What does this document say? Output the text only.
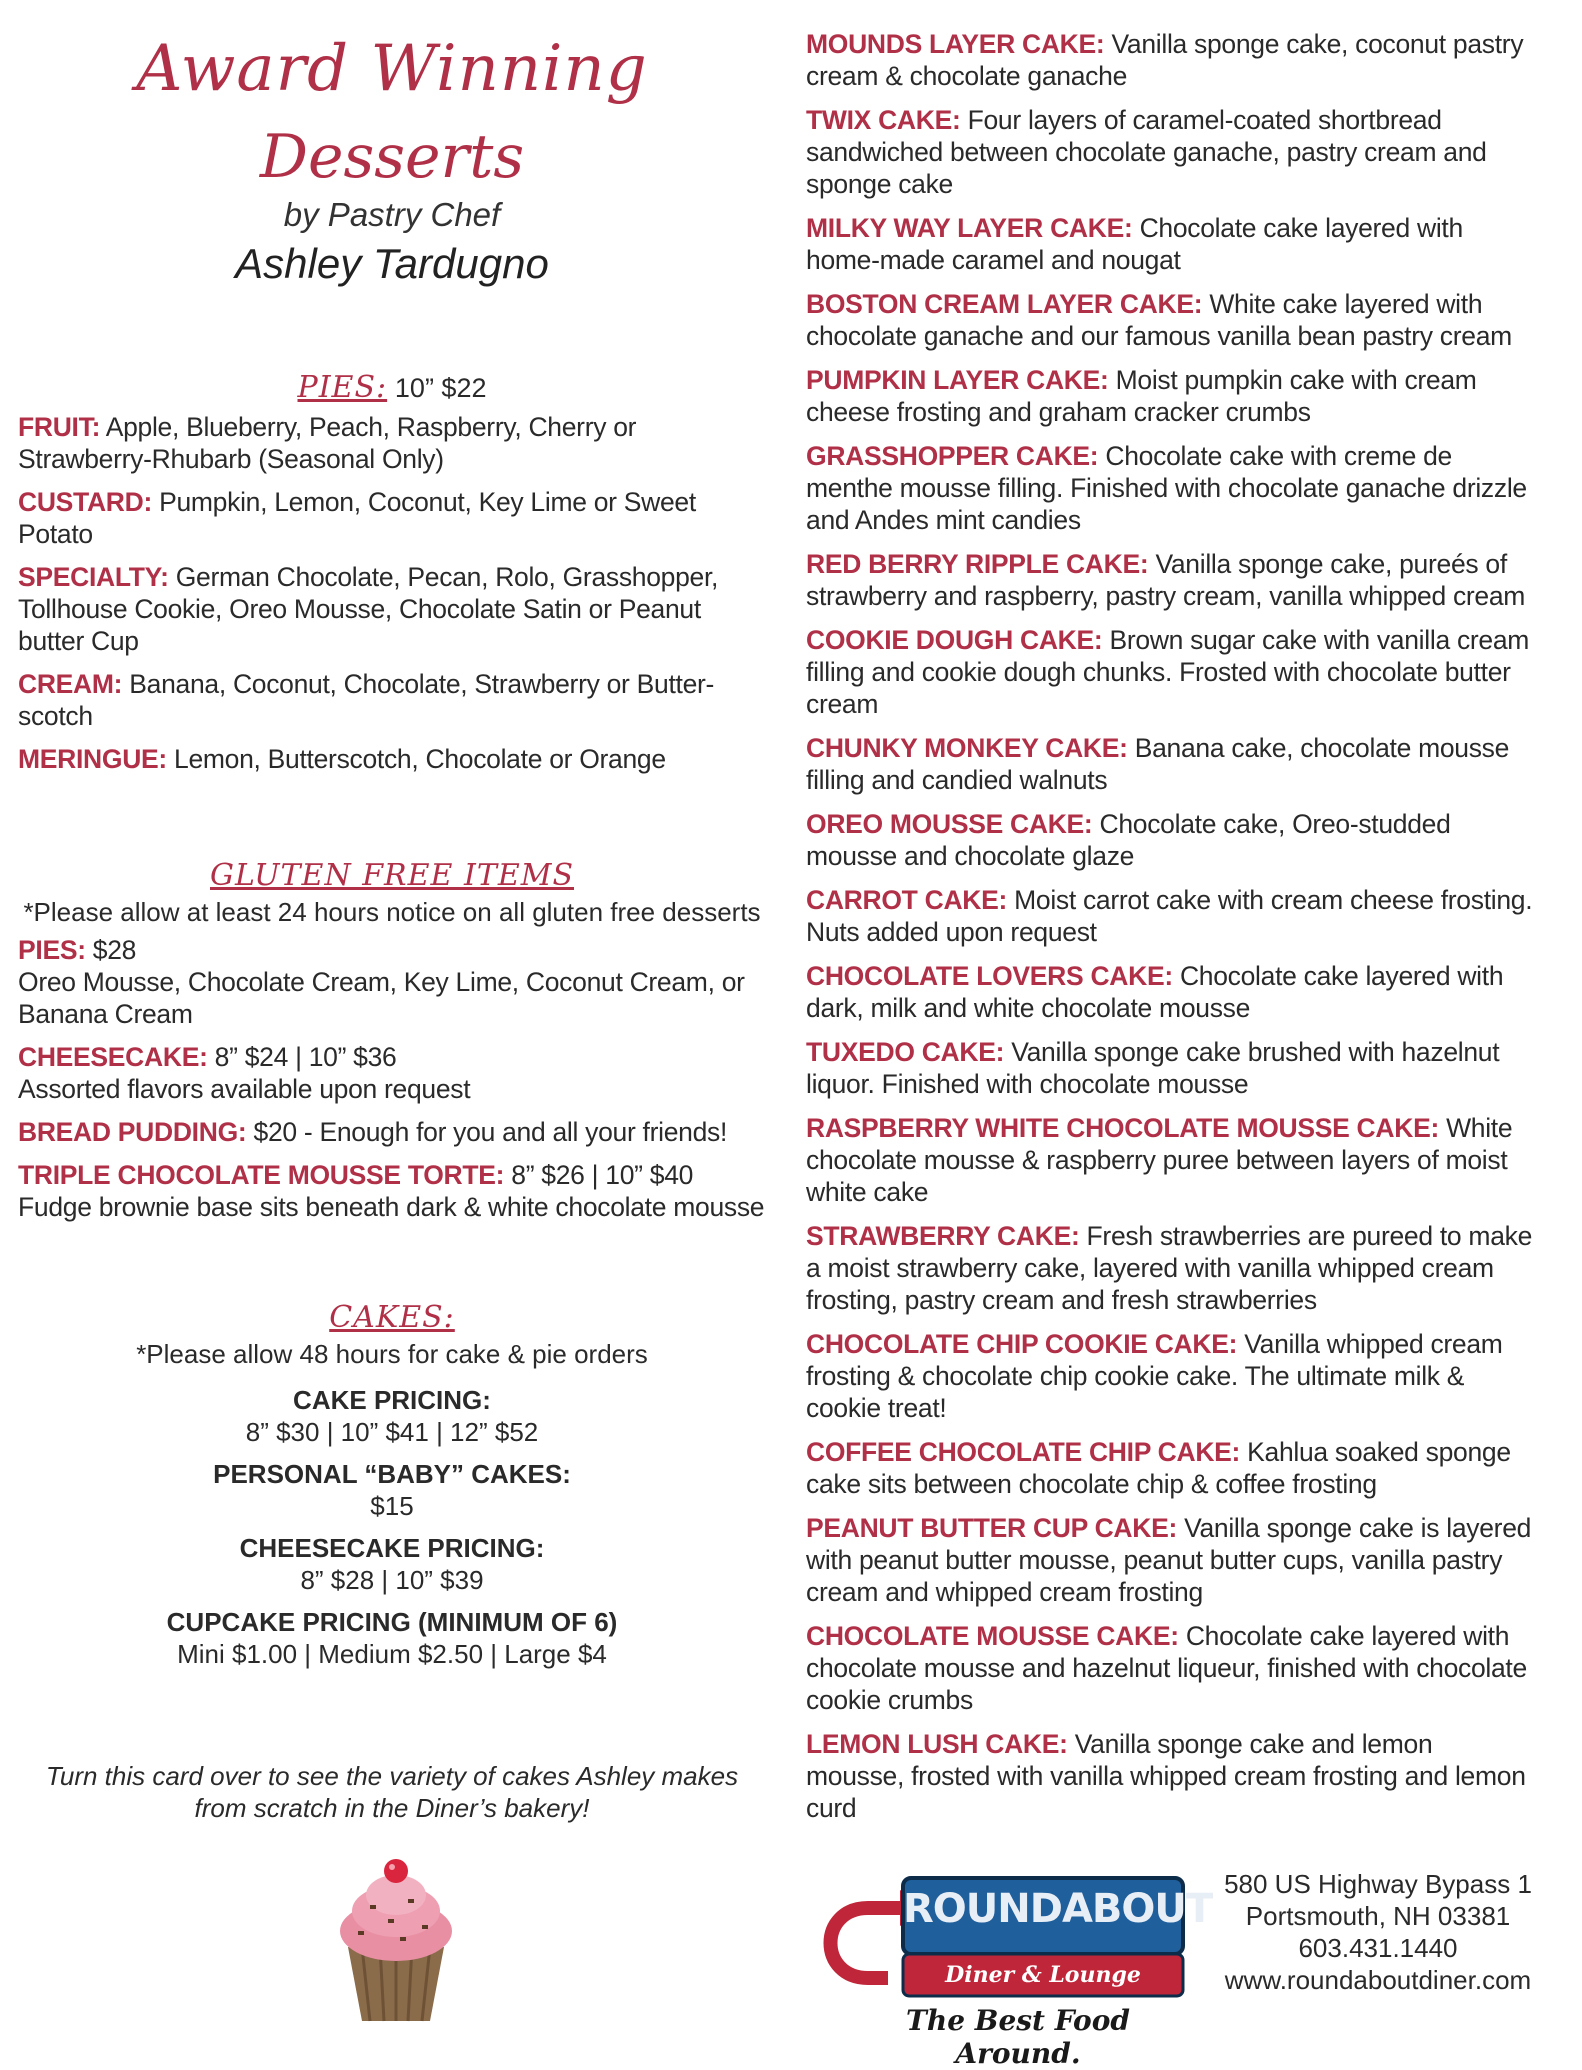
Award Winning
Desserts
by Pastry Chef
Ashley Tardugno

PIES: 10” $22

FRUIT: Apple, Blueberry, Peach, Raspberry, Cherry or Strawberry-Rhubarb (Seasonal Only)

CUSTARD: Pumpkin, Lemon, Coconut, Key Lime or Sweet Potato

SPECIALTY: German Chocolate, Pecan, Rolo, Grasshopper, Tollhouse Cookie, Oreo Mousse, Chocolate Satin or Peanut butter Cup

CREAM: Banana, Coconut, Chocolate, Strawberry or Butter-scotch

MERINGUE: Lemon, Butterscotch, Chocolate or Orange

GLUTEN FREE ITEMS

*Please allow at least 24 hours notice on all gluten free desserts

PIES: $28
Oreo Mousse, Chocolate Cream, Key Lime, Coconut Cream, or Banana Cream

CHEESECAKE: 8” $24 | 10” $36
Assorted flavors available upon request

BREAD PUDDING: $20 - Enough for you and all your friends!

TRIPLE CHOCOLATE MOUSSE TORTE: 8” $26 | 10” $40
Fudge brownie base sits beneath dark & white chocolate mousse

CAKES:

*Please allow 48 hours for cake & pie orders

CAKE PRICING:
8” $30 | 10” $41 | 12” $52
PERSONAL “BABY” CAKES:
$15
CHEESECAKE PRICING:
8” $28 | 10” $39
CUPCAKE PRICING (MINIMUM OF 6)
Mini $1.00 | Medium $2.50 | Large $4
Turn this card over to see the variety of cakes Ashley makes from scratch in the Diner’s bakery!

MOUNDS LAYER CAKE: Vanilla sponge cake, coconut pastry cream & chocolate ganache

TWIX CAKE: Four layers of caramel-coated shortbread sandwiched between chocolate ganache, pastry cream and sponge cake

MILKY WAY LAYER CAKE: Chocolate cake layered with home-made caramel and nougat

BOSTON CREAM LAYER CAKE: White cake layered with chocolate ganache and our famous vanilla bean pastry cream

PUMPKIN LAYER CAKE: Moist pumpkin cake with cream cheese frosting and graham cracker crumbs

GRASSHOPPER CAKE: Chocolate cake with creme de menthe mousse filling. Finished with chocolate ganache drizzle and Andes mint candies

RED BERRY RIPPLE CAKE: Vanilla sponge cake, pureés of strawberry and raspberry, pastry cream, vanilla whipped cream

COOKIE DOUGH CAKE: Brown sugar cake with vanilla cream filling and cookie dough chunks. Frosted with chocolate butter cream

CHUNKY MONKEY CAKE: Banana cake, chocolate mousse filling and candied walnuts

OREO MOUSSE CAKE: Chocolate cake, Oreo-studded mousse and chocolate glaze

CARROT CAKE: Moist carrot cake with cream cheese frosting. Nuts added upon request

CHOCOLATE LOVERS CAKE: Chocolate cake layered with dark, milk and white chocolate mousse

TUXEDO CAKE: Vanilla sponge cake brushed with hazelnut liquor. Finished with chocolate mousse

RASPBERRY WHITE CHOCOLATE MOUSSE CAKE: White chocolate mousse & raspberry puree between layers of moist white cake

STRAWBERRY CAKE: Fresh strawberries are pureed to make a moist strawberry cake, layered with vanilla whipped cream frosting, pastry cream and fresh strawberries

CHOCOLATE CHIP COOKIE CAKE: Vanilla whipped cream frosting & chocolate chip cookie cake. The ultimate milk & cookie treat!

COFFEE CHOCOLATE CHIP CAKE: Kahlua soaked sponge cake sits between chocolate chip & coffee frosting

PEANUT BUTTER CUP CAKE: Vanilla sponge cake is layered with peanut butter mousse, peanut butter cups, vanilla pastry cream and whipped cream frosting

CHOCOLATE MOUSSE CAKE: Chocolate cake layered with chocolate mousse and hazelnut liqueur, finished with chocolate cookie crumbs

LEMON LUSH CAKE: Vanilla sponge cake and lemon mousse, frosted with vanilla whipped cream frosting and lemon curd

ROUNDABOUT
Diner & Lounge
The Best Food Around.
580 US Highway Bypass 1
Portsmouth, NH 03381
603.431.1440
www.roundaboutdiner.com
